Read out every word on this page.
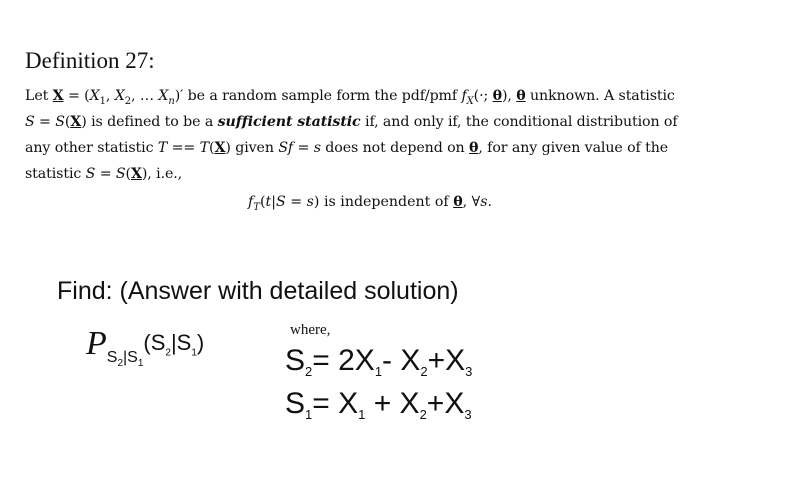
Definition 27:
Let $X = (X_1$, $X_2$, … $X_n)'$ be a random sample form the pdf/pmf $f_X(\cdot$; θ), θ unknown. A statistic
S = S(X) is defined to be a sufficient statistic if, and only if, the conditional distribution of
any other statistic T == T(X) given Sf = s does not depend on θ, for any given value of the
statistic S = S(X), i.e.,
$f_T(t|S = s)$ is independent of θ, ∀s.
Find: (Answer with detailed solution)
$PS_2|S_1(S_2|S_1)$	where,
$S_2= 2X_1-$ $X_2+X_3$
$S_1= X_1 + X_2+X_3$
